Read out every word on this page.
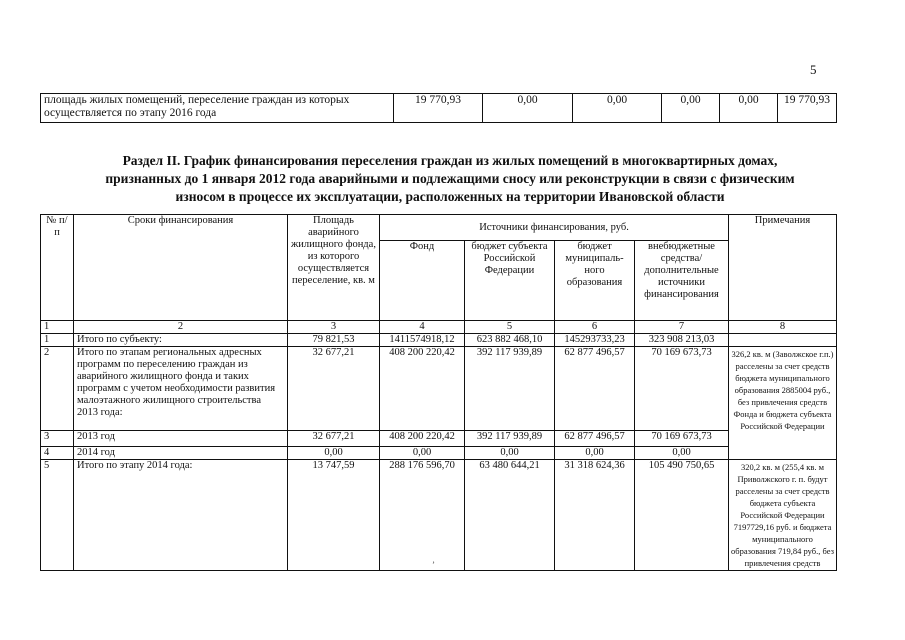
5
площадь жилых помещений, переселение граждан из которых осуществляется по этапу 2016 года	19 770,93	0,00	0,00	0,00	0,00	19 770,93
Раздел II. График финансирования переселения граждан из жилых помещений в многоквартирных домах,
признанных до 1 января 2012 года аварийными и подлежащими сносу или реконструкции в связи с физическим
износом в процессе их эксплуатации, расположенных на территории Ивановской области
№ п/п	Сроки финансирования	Площадь аварийного жилищного фонда, из которого осуществляется переселение, кв. м	Источники финансирования, руб.				Примечания
			Фонд	бюджет субъекта Российской Федерации	бюджет муниципаль-ного образования	внебюджетные средства/ дополнительные источники финансирования	
1	2	3	4	5	6	7	8
1	Итого по субъекту:	79 821,53	1411574918,12	623 882 468,10	145293733,23	323 908 213,03	
2	Итого по этапам региональных адресных программ по переселению граждан из аварийного жилищного фонда и таких программ с учетом необходимости развития малоэтажного жилищного строительства 2013 года:	32 677,21	408 200 220,42	392 117 939,89	62 877 496,57	70 169 673,73	326,2 кв. м (Заволжское г.п.) расселены за счет средств бюджета муниципального образования 2885004 руб., без привлечения средств Фонда и бюджета субъекта Российской Федерации
3	2013 год	32 677,21	408 200 220,42	392 117 939,89	62 877 496,57	70 169 673,73	
4	2014 год	0,00	0,00	0,00	0,00	0,00	
5	Итого по этапу 2014 года:	13 747,59	288 176 596,70	63 480 644,21	31 318 624,36	105 490 750,65	320,2 кв. м (255,4 кв. м Приволжского г. п. будут расселены за счет средств бюджета субъекта Российской Федерации 7197729,16 руб. и бюджета муниципального образования 719,84 руб., без привлечения средств
ʼ
